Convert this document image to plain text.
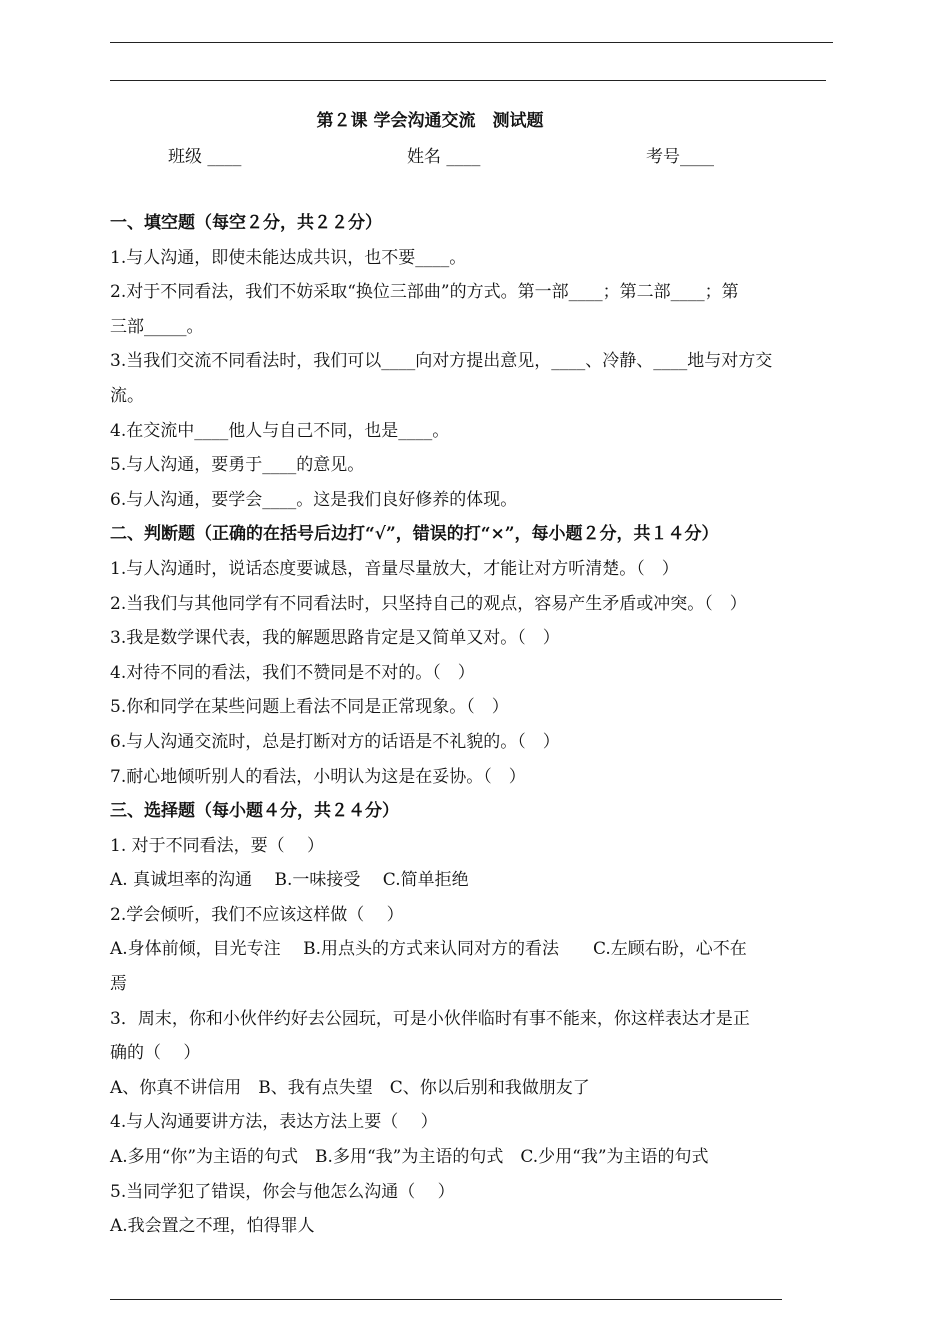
第２课 学会沟通交流　测试题
班级 ____	姓名 ____	考号____
一、填空题（每空２分，共２２分）
1.与人沟通，即使未能达成共识，也不要____。
2.对于不同看法，我们不妨采取“换位三部曲”的方式。第一部____；第二部____；第
三部_____。
3.当我们交流不同看法时，我们可以____向对方提出意见，____、冷静、____地与对方交
流。
4.在交流中____他人与自己不同，也是____。
5.与人沟通，要勇于____的意见。
6.与人沟通，要学会____。这是我们良好修养的体现。
二、判断题（正确的在括号后边打“√”，错误的打“×”，每小题２分，共１４分）
1.与人沟通时，说话态度要诚恳，音量尽量放大，才能让对方听清楚。（　）
2.当我们与其他同学有不同看法时，只坚持自己的观点，容易产生矛盾或冲突。（　）
3.我是数学课代表，我的解题思路肯定是又简单又对。（　）
4.对待不同的看法，我们不赞同是不对的。（　）
5.你和同学在某些问题上看法不同是正常现象。（　）
6.与人沟通交流时，总是打断对方的话语是不礼貌的。（　）
7.耐心地倾听别人的看法，小明认为这是在妥协。（　）
三、选择题（每小题４分，共２４分）
1. 对于不同看法，要（　 ）
A. 真诚坦率的沟通　 B.一味接受　 C.简单拒绝
2.学会倾听，我们不应该这样做（　 ）
A.身体前倾，目光专注　 B.用点头的方式来认同对方的看法　　C.左顾右盼，心不在
焉
3．周末，你和小伙伴约好去公园玩，可是小伙伴临时有事不能来，你这样表达才是正
确的（　 ）
A、你真不讲信用　B、我有点失望　C、你以后别和我做朋友了
4.与人沟通要讲方法，表达方法上要（　 ）
A.多用“你”为主语的句式　B.多用“我”为主语的句式　C.少用“我”为主语的句式
5.当同学犯了错误，你会与他怎么沟通（　 ）
A.我会置之不理，怕得罪人
